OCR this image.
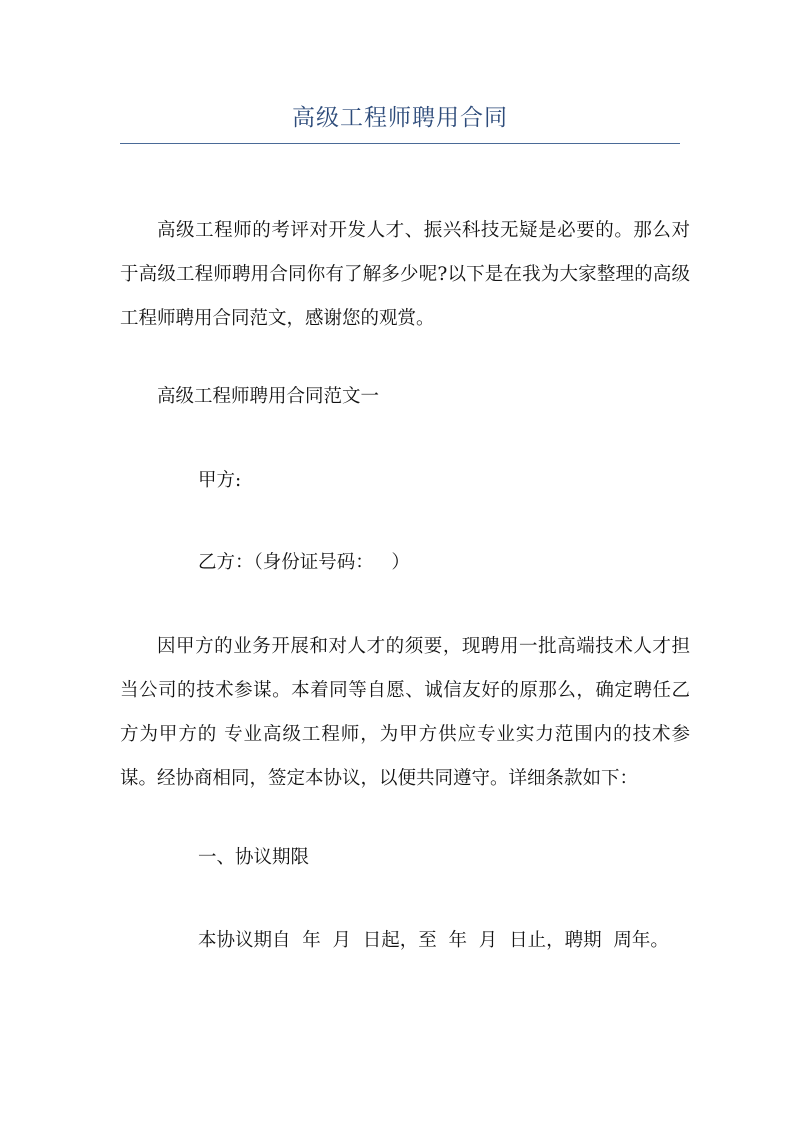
高级工程师聘用合同

高级工程师的考评对开发人才、振兴科技无疑是必要的。那么对于高级工程师聘用合同你有了解多少呢?以下是在我为大家整理的高级工程师聘用合同范文，感谢您的观赏。

高级工程师聘用合同范文一
甲方:
乙方：（身份证号码：   ）

因甲方的业务开展和对人才的须要，现聘用一批高端技术人才担当公司的技术参谋。本着同等自愿、诚信友好的原那么，确定聘任乙方为甲方的 专业高级工程师，为甲方供应专业实力范围内的技术参谋。经协商相同，签定本协议，以便共同遵守。详细条款如下：

一、协议期限
本协议期自  年  月  日起，至  年  月  日止，聘期  周年。
